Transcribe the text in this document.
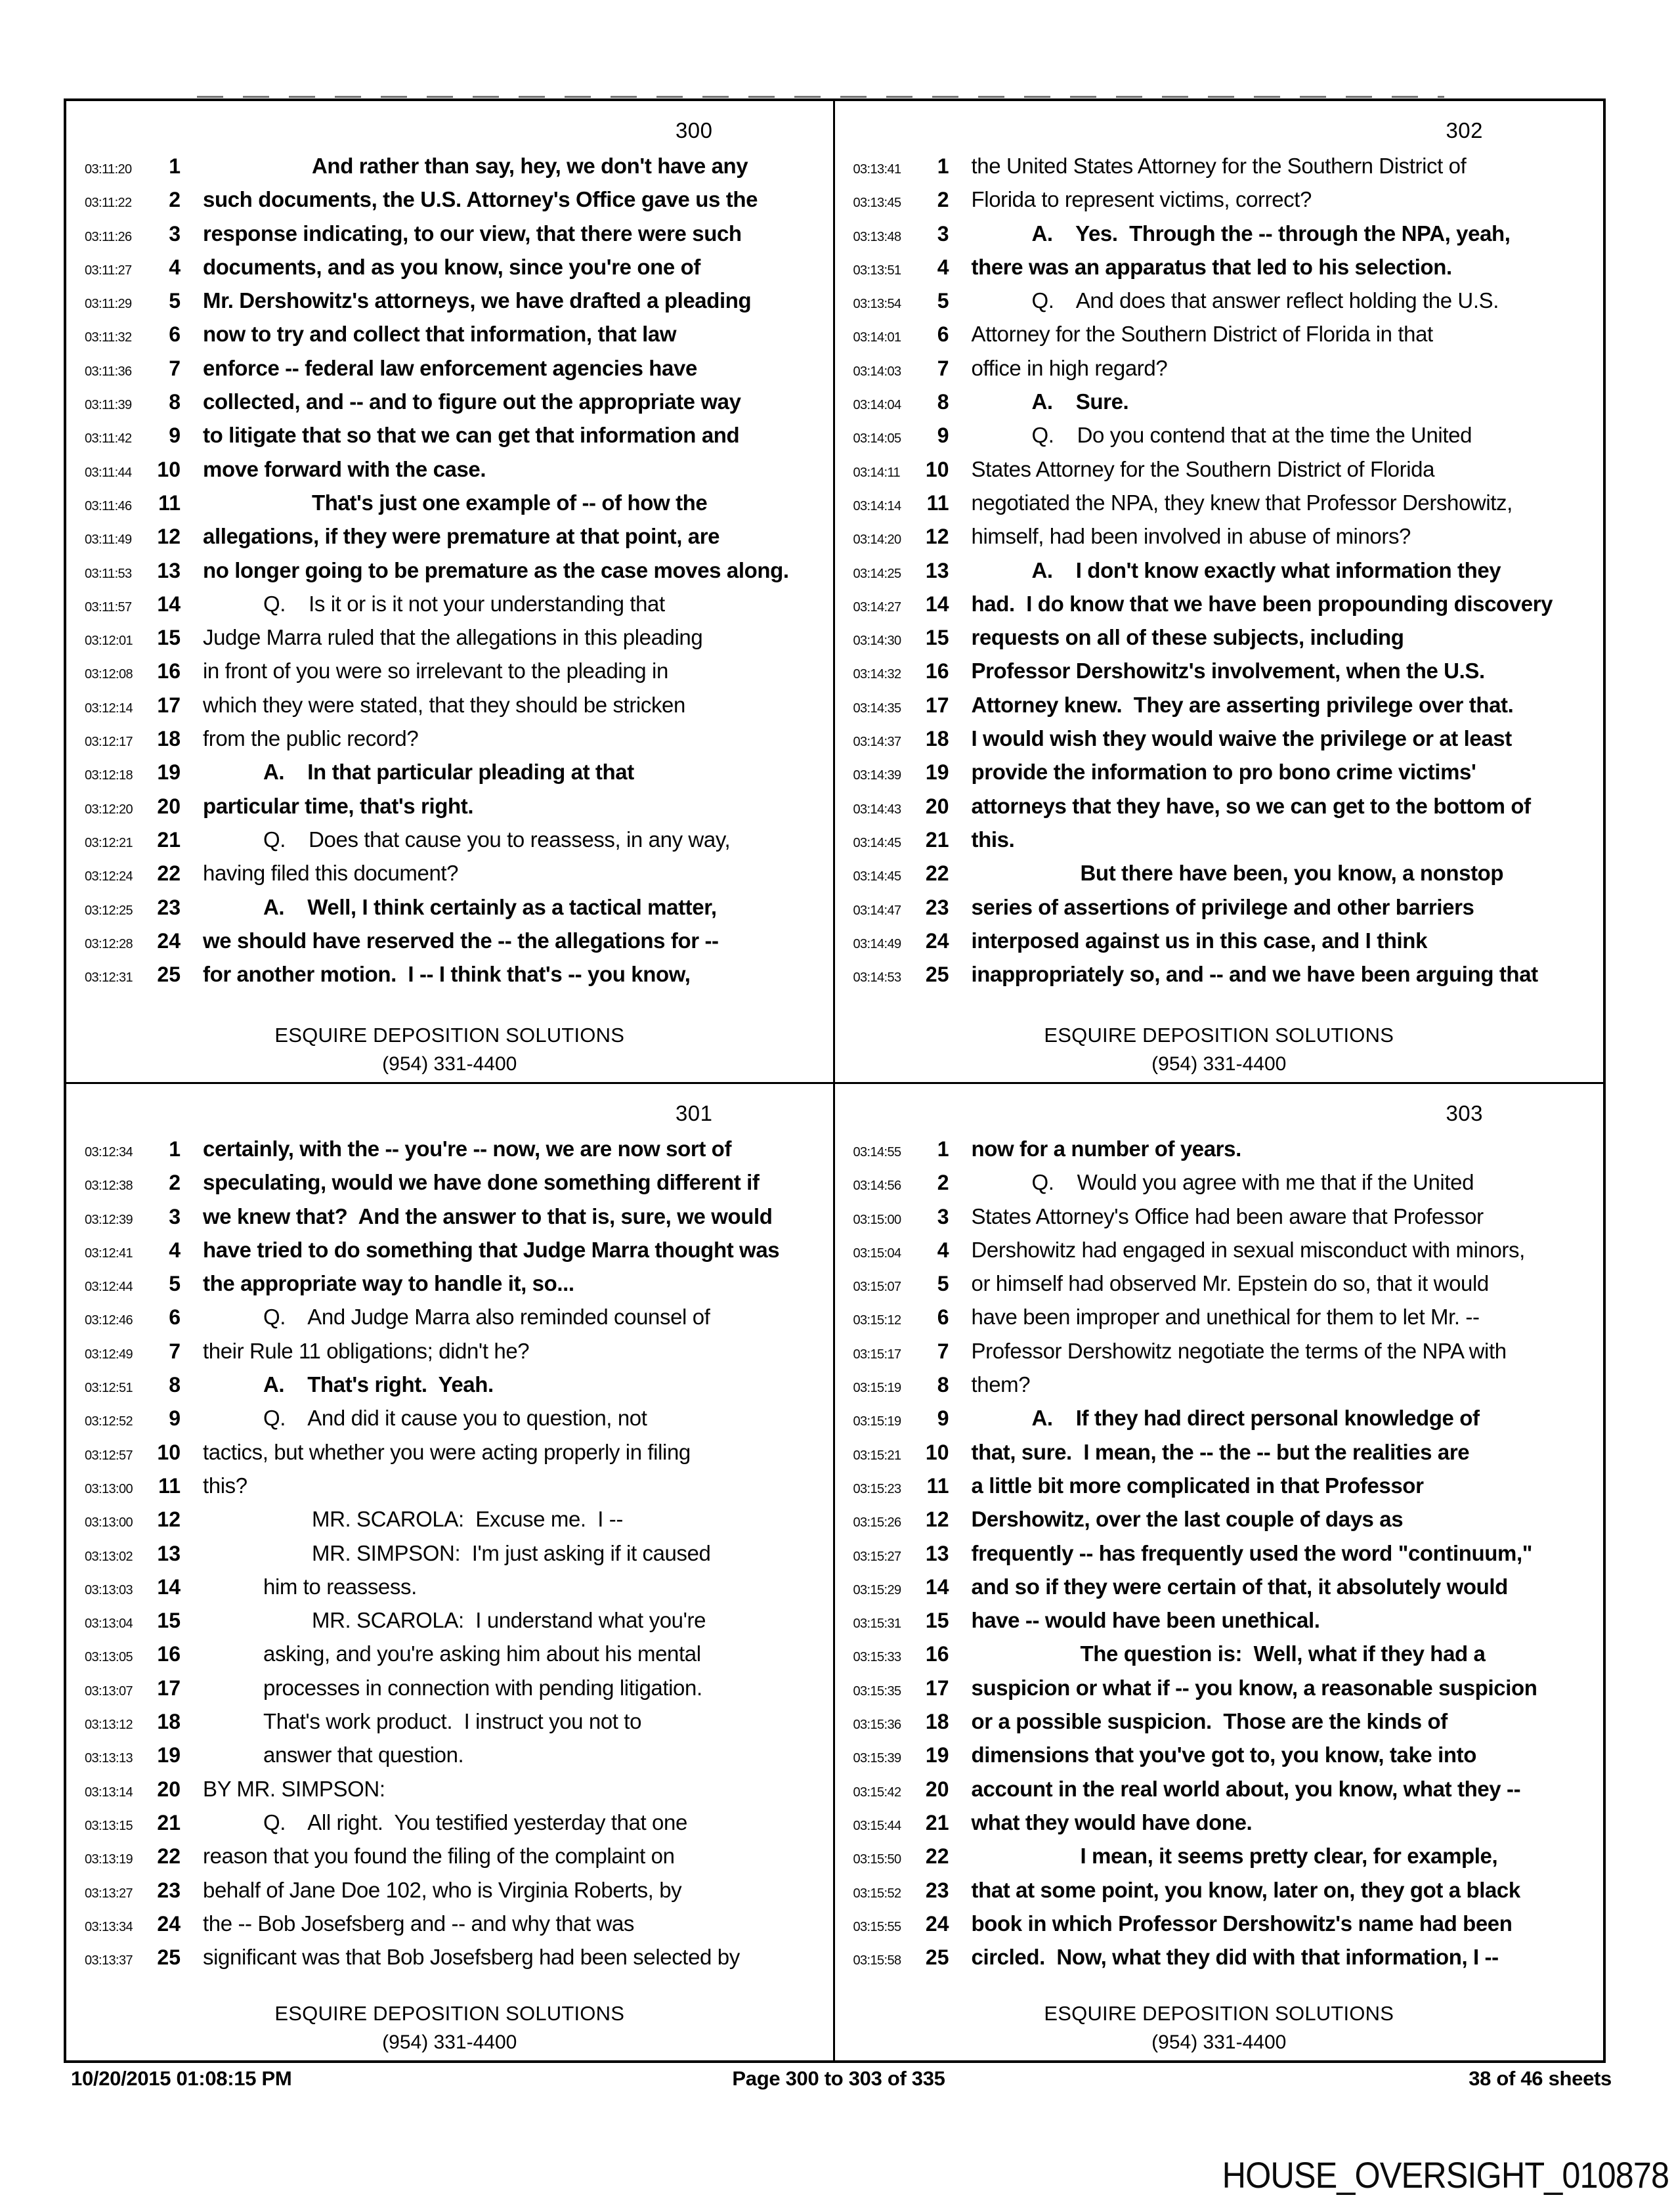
300
03:11:20	1	And rather than say, hey, we don't have any
03:11:22	2 such documents, the U.S. Attorney's Office gave us the
03:11:26	3 response indicating, to our view, that there were such
03:11:27	4 documents, and as you know, since you're one of
03:11:29	5 Mr. Dershowitz's attorneys, we have drafted a pleading
03:11:32	6 now to try and collect that information, that law
03:11:36	7 enforce -- federal law enforcement agencies have
03:11:39	8 collected, and -- and to figure out the appropriate way
03:11:42	9 to litigate that so that we can get that information and
03:11:44	10 move forward with the case.
03:11:46	11	That's just one example of -- of how the
03:11:49	12 allegations, if they were premature at that point, are
03:11:53	13 no longer going to be premature as the case moves along.
03:11:57	14	Q.    Is it or is it not your understanding that
03:12:01	15 Judge Marra ruled that the allegations in this pleading
03:12:08	16 in front of you were so irrelevant to the pleading in
03:12:14	17 which they were stated, that they should be stricken
03:12:17	18 from the public record?
03:12:18	19	A.    In that particular pleading at that
03:12:20	20 particular time, that's right.
03:12:21	21	Q.    Does that cause you to reassess, in any way,
03:12:24	22 having filed this document?
03:12:25	23	A.    Well, I think certainly as a tactical matter,
03:12:28	24 we should have reserved the -- the allegations for --
03:12:31	25 for another motion.  I -- I think that's -- you know,
ESQUIRE DEPOSITION SOLUTIONS
(954) 331-4400
302
03:13:41	1 the United States Attorney for the Southern District of
03:13:45	2 Florida to represent victims, correct?
03:13:48	3	A.    Yes.  Through the -- through the NPA, yeah,
03:13:51	4 there was an apparatus that led to his selection.
03:13:54	5	Q.    And does that answer reflect holding the U.S.
03:14:01	6 Attorney for the Southern District of Florida in that
03:14:03	7 office in high regard?
03:14:04	8	A.    Sure.
03:14:05	9	Q.    Do you contend that at the time the United
03:14:11	10 States Attorney for the Southern District of Florida
03:14:14	11 negotiated the NPA, they knew that Professor Dershowitz,
03:14:20	12 himself, had been involved in abuse of minors?
03:14:25	13	A.    I don't know exactly what information they
03:14:27	14 had.  I do know that we have been propounding discovery
03:14:30	15 requests on all of these subjects, including
03:14:32	16 Professor Dershowitz's involvement, when the U.S.
03:14:35	17 Attorney knew.  They are asserting privilege over that.
03:14:37	18 I would wish they would waive the privilege or at least
03:14:39	19 provide the information to pro bono crime victims'
03:14:43	20 attorneys that they have, so we can get to the bottom of
03:14:45	21 this.
03:14:45	22	But there have been, you know, a nonstop
03:14:47	23 series of assertions of privilege and other barriers
03:14:49	24 interposed against us in this case, and I think
03:14:53	25 inappropriately so, and -- and we have been arguing that
ESQUIRE DEPOSITION SOLUTIONS
(954) 331-4400
301
03:12:34	1 certainly, with the -- you're -- now, we are now sort of
03:12:38	2 speculating, would we have done something different if
03:12:39	3 we knew that?  And the answer to that is, sure, we would
03:12:41	4 have tried to do something that Judge Marra thought was
03:12:44	5 the appropriate way to handle it, so...
03:12:46	6	Q.    And Judge Marra also reminded counsel of
03:12:49	7 their Rule 11 obligations; didn't he?
03:12:51	8	A.    That's right.  Yeah.
03:12:52	9	Q.    And did it cause you to question, not
03:12:57	10 tactics, but whether you were acting properly in filing
03:13:00	11 this?
03:13:00	12	MR. SCAROLA:  Excuse me.  I --
03:13:02	13	MR. SIMPSON:  I'm just asking if it caused
03:13:03	14	him to reassess.
03:13:04	15	MR. SCAROLA:  I understand what you're
03:13:05	16	asking, and you're asking him about his mental
03:13:07	17	processes in connection with pending litigation.
03:13:12	18	That's work product.  I instruct you not to
03:13:13	19	answer that question.
03:13:14	20 BY MR. SIMPSON:
03:13:15	21	Q.    All right.  You testified yesterday that one
03:13:19	22 reason that you found the filing of the complaint on
03:13:27	23 behalf of Jane Doe 102, who is Virginia Roberts, by
03:13:34	24 the -- Bob Josefsberg and -- and why that was
03:13:37	25 significant was that Bob Josefsberg had been selected by
ESQUIRE DEPOSITION SOLUTIONS
(954) 331-4400
303
03:14:55	1 now for a number of years.
03:14:56	2	Q.    Would you agree with me that if the United
03:15:00	3 States Attorney's Office had been aware that Professor
03:15:04	4 Dershowitz had engaged in sexual misconduct with minors,
03:15:07	5 or himself had observed Mr. Epstein do so, that it would
03:15:12	6 have been improper and unethical for them to let Mr. --
03:15:17	7 Professor Dershowitz negotiate the terms of the NPA with
03:15:19	8 them?
03:15:19	9	A.    If they had direct personal knowledge of
03:15:21	10 that, sure.  I mean, the -- the -- but the realities are
03:15:23	11 a little bit more complicated in that Professor
03:15:26	12 Dershowitz, over the last couple of days as
03:15:27	13 frequently -- has frequently used the word "continuum,"
03:15:29	14 and so if they were certain of that, it absolutely would
03:15:31	15 have -- would have been unethical.
03:15:33	16	The question is:  Well, what if they had a
03:15:35	17 suspicion or what if -- you know, a reasonable suspicion
03:15:36	18 or a possible suspicion.  Those are the kinds of
03:15:39	19 dimensions that you've got to, you know, take into
03:15:42	20 account in the real world about, you know, what they --
03:15:44	21 what they would have done.
03:15:50	22	I mean, it seems pretty clear, for example,
03:15:52	23 that at some point, you know, later on, they got a black
03:15:55	24 book in which Professor Dershowitz's name had been
03:15:58	25 circled.  Now, what they did with that information, I --
ESQUIRE DEPOSITION SOLUTIONS
(954) 331-4400
10/20/2015 01:08:15 PM	Page 300 to 303 of 335	38 of 46 sheets
HOUSE_OVERSIGHT_010878
